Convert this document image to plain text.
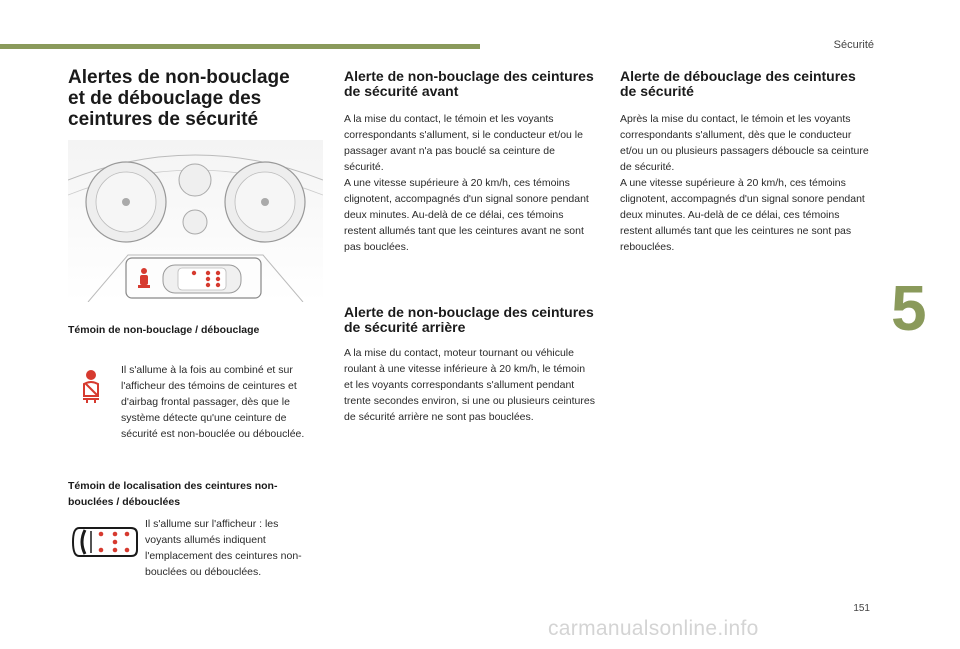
Sécurité
5
151
carmanualsonline.info
Alertes de non-bouclage et de débouclage des ceintures de sécurité
Témoin de non-bouclage / débouclage

Il s'allume à la fois au combiné et sur l'afficheur des témoins de ceintures et d'airbag frontal passager, dès que le système détecte qu'une ceinture de sécurité est non-bouclée ou débouclée.

Témoin de localisation des ceintures non-bouclées / débouclées

Il s'allume sur l'afficheur : les voyants allumés indiquent l'emplacement des ceintures non-bouclées ou débouclées.

Alerte de non-bouclage des ceintures de sécurité avant

A la mise du contact, le témoin et les voyants correspondants s'allument, si le conducteur et/ou le passager avant n'a pas bouclé sa ceinture de sécurité.

A une vitesse supérieure à 20 km/h, ces témoins clignotent, accompagnés d'un signal sonore pendant deux minutes. Au-delà de ce délai, ces témoins restent allumés tant que les ceintures avant ne sont pas bouclées.

Alerte de non-bouclage des ceintures de sécurité arrière

A la mise du contact, moteur tournant ou véhicule roulant à une vitesse inférieure à 20 km/h, le témoin et les voyants correspondants s'allument pendant trente secondes environ, si une ou plusieurs ceintures de sécurité arrière ne sont pas bouclées.

Alerte de débouclage des ceintures de sécurité

Après la mise du contact, le témoin et les voyants correspondants s'allument, dès que le conducteur et/ou un ou plusieurs passagers déboucle sa ceinture de sécurité.

A une vitesse supérieure à 20 km/h, ces témoins clignotent, accompagnés d'un signal sonore pendant deux minutes. Au-delà de ce délai, ces témoins restent allumés tant que les ceintures ne sont pas rebouclées.
